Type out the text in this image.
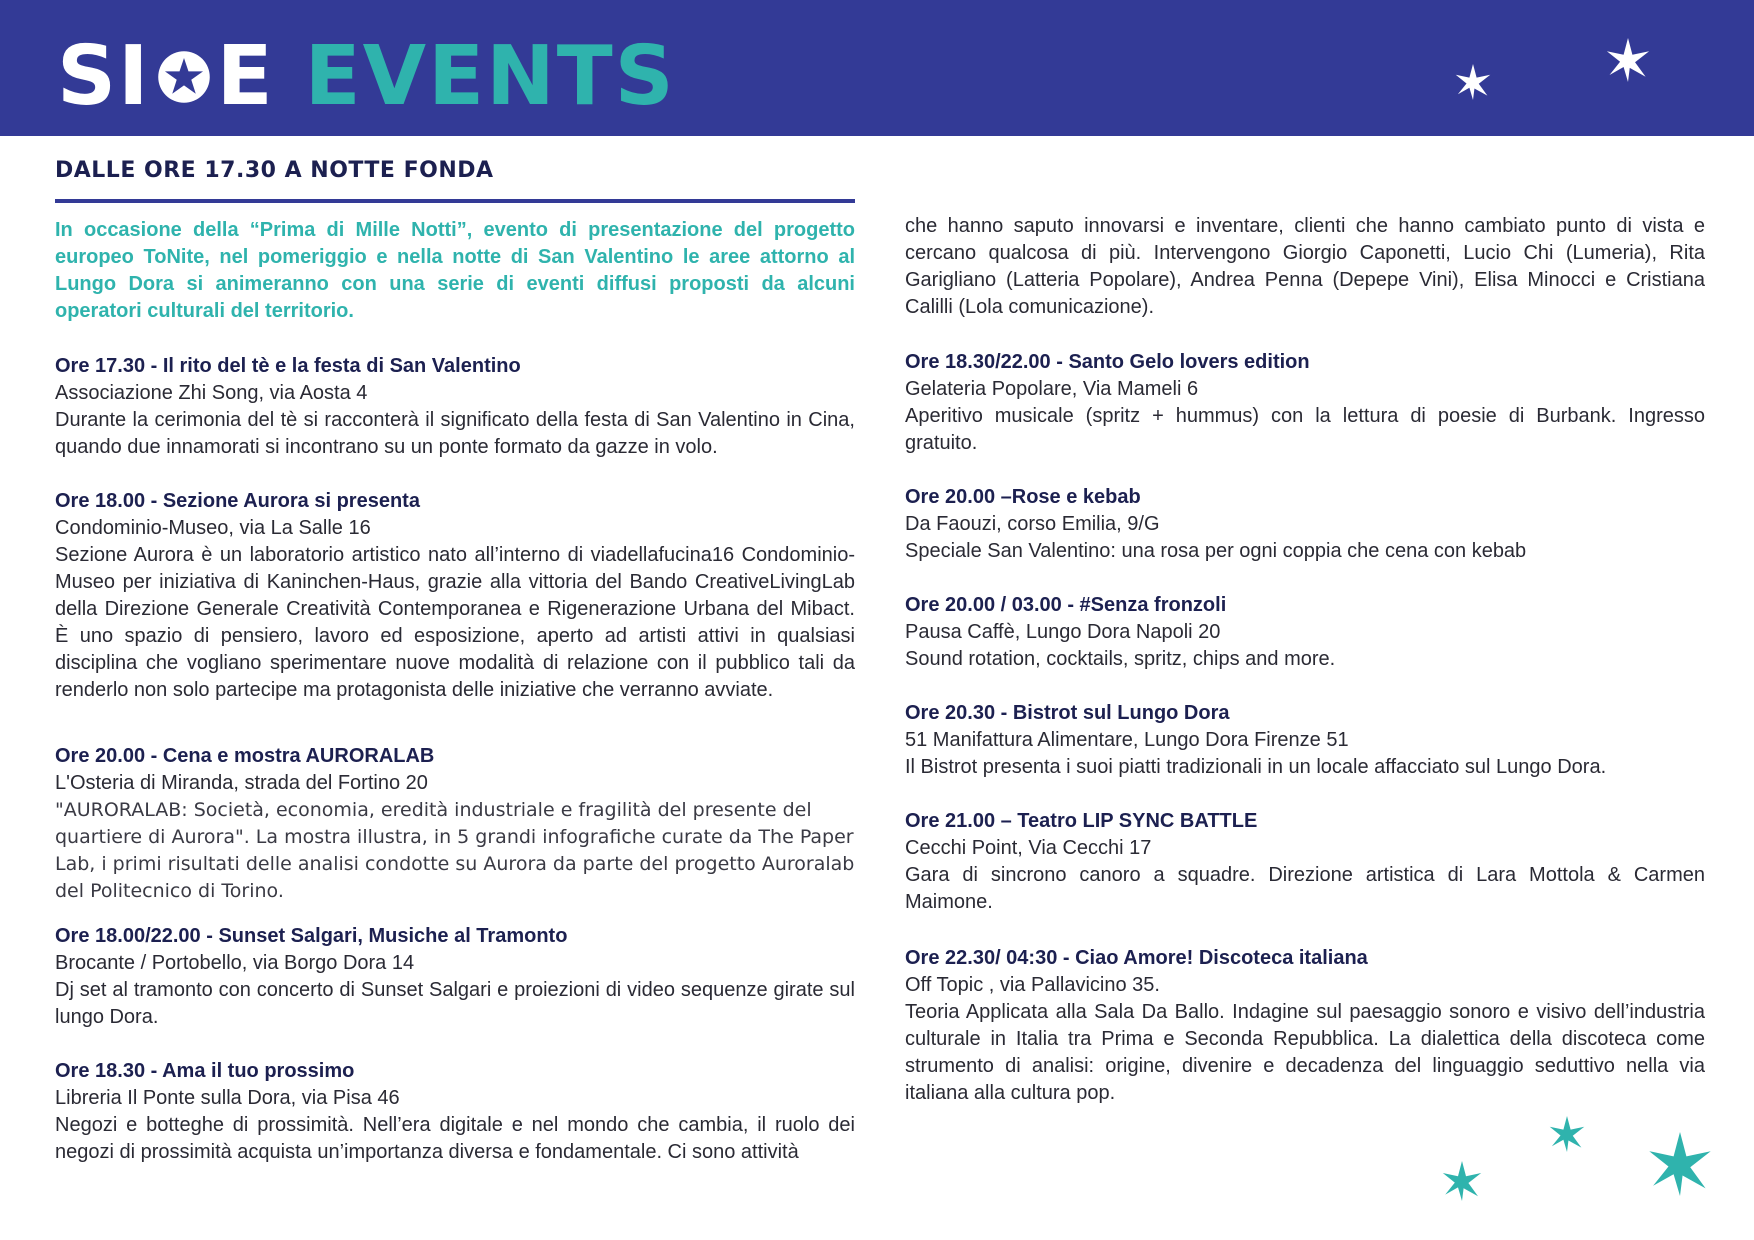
SI E EVENTS
DALLE ORE 17.30 A NOTTE FONDA

In occasione della “Prima di Mille Notti”, evento di presentazione del progetto europeo ToNite, nel pomeriggio e nella notte di San Valentino le aree attorno al Lungo Dora si animeranno con una serie di eventi diffusi proposti da alcuni operatori culturali del territorio.

Ore 17.30 - Il rito del tè e la festa di San Valentino

Associazione Zhi Song, via Aosta 4

Durante la cerimonia del tè si racconterà il significato della festa di San Valentino in Cina, quando due innamorati si incontrano su un ponte formato da gazze in volo.

Ore 18.00 - Sezione Aurora si presenta

Condominio-Museo, via La Salle 16

Sezione Aurora è un laboratorio artistico nato all’interno di viadellafucina16 Condominio-Museo per iniziativa di Kaninchen-Haus, grazie alla vittoria del Bando CreativeLivingLab della Direzione Generale Creatività Contemporanea e Rigenerazione Urbana del Mibact. È uno spazio di pensiero, lavoro ed esposizione, aperto ad artisti attivi in qualsiasi disciplina che vogliano sperimentare nuove modalità di relazione con il pubblico tali da renderlo non solo partecipe ma protagonista delle iniziative che verranno avviate.

Ore 20.00 - Cena e mostra AURORALAB

L'Osteria di Miranda, strada del Fortino 20

"AURORALAB: Società, economia, eredità industriale e fragilità del presente del quartiere di Aurora". La mostra illustra, in 5 grandi infografiche curate da The Paper Lab, i primi risultati delle analisi condotte su Aurora da parte del progetto Auroralab del Politecnico di Torino.

Ore 18.00/22.00 - Sunset Salgari, Musiche al Tramonto

Brocante / Portobello, via Borgo Dora 14

Dj set al tramonto con concerto di Sunset Salgari e proiezioni di video sequenze girate sul lungo Dora.

Ore 18.30 - Ama il tuo prossimo

Libreria Il Ponte sulla Dora, via Pisa 46

Negozi e botteghe di prossimità. Nell’era digitale e nel mondo che cambia, il ruolo dei negozi di prossimità acquista un’importanza diversa e fondamentale. Ci sono attività

che hanno saputo innovarsi e inventare, clienti che hanno cambiato punto di vista e cercano qualcosa di più. Intervengono Giorgio Caponetti, Lucio Chi (Lumeria), Rita Garigliano (Latteria Popolare), Andrea Penna (Depepe Vini), Elisa Minocci e Cristiana Calilli (Lola comunicazione).

Ore 18.30/22.00 - Santo Gelo lovers edition

Gelateria Popolare, Via Mameli 6

Aperitivo musicale (spritz + hummus) con la lettura di poesie di Burbank. Ingresso gratuito.

Ore 20.00 –Rose e kebab

Da Faouzi, corso Emilia, 9/G

Speciale San Valentino: una rosa per ogni coppia che cena con kebab

Ore 20.00 / 03.00 - #Senza fronzoli

Pausa Caffè, Lungo Dora Napoli 20

Sound rotation, cocktails, spritz, chips and more.

Ore 20.30 - Bistrot sul Lungo Dora

51 Manifattura Alimentare, Lungo Dora Firenze 51

Il Bistrot presenta i suoi piatti tradizionali in un locale affacciato sul Lungo Dora.

Ore 21.00 – Teatro LIP SYNC BATTLE

Cecchi Point, Via Cecchi 17

Gara di sincrono canoro a squadre. Direzione artistica di Lara Mottola & Carmen Maimone.

Ore 22.30/ 04:30 - Ciao Amore! Discoteca italiana

Off Topic , via Pallavicino 35.

Teoria Applicata alla Sala Da Ballo. Indagine sul paesaggio sonoro e visivo dell’industria culturale in Italia tra Prima e Seconda Repubblica. La dialettica della discoteca come strumento di analisi: origine, divenire e decadenza del linguaggio seduttivo nella via italiana alla cultura pop.
